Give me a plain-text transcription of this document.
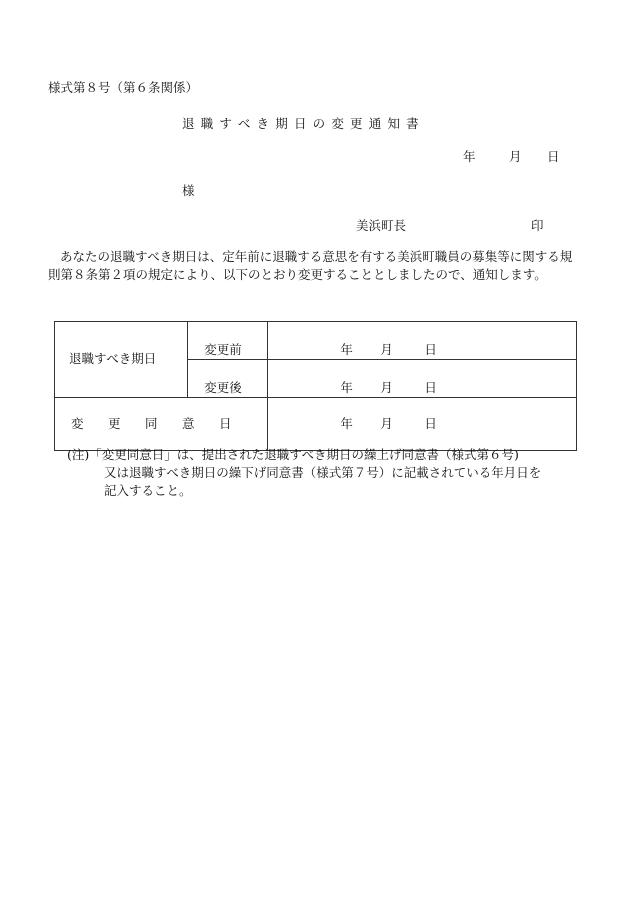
様式第８号（第６条関係）
退職すべき期日の変更通知書
年	月 日
様
美浜町長	印
あなたの退職すべき期日は、定年前に退職する意思を有する美浜町職員の募集等に関する規則第８条第２項の規定により、以下のとおり変更することとしましたので、通知します。
退職すべき期日	変更前	年 月 日
	変更後	年 月 日
変 更 同 意 日		年 月 日
(注)「変更同意日」は、提出された退職すべき期日の繰上げ同意書（様式第６号)
又は退職すべき期日の繰下げ同意書（様式第７号）に記載されている年月日を
記入すること。
